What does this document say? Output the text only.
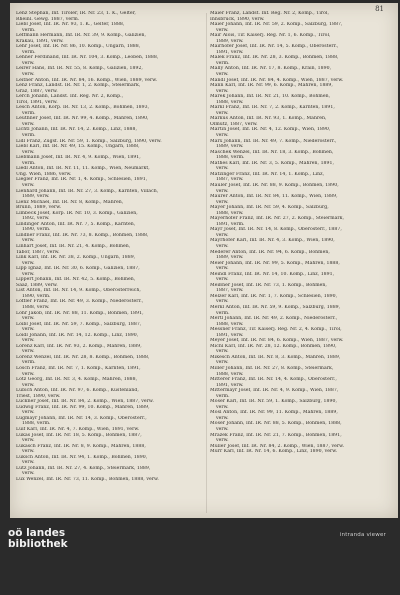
81
Lenz Stephan, Inf. Tiroler, IR. Nr. 23, 1. K., Gelter,
Rheinl. Gewg. 1887, verm.
Liebl Josef, Inf. IR. Nr. 93, 1. K., Gelter, 1888,
verm.
Leffmann Hermann, Inf. IR. Nr. 39, 9. Komp., Galizien,
Krakau, 1891, verw.
Lehr Josef, Inf. IR. Nr. 86, 10. Komp., Ungarn, 1888,
verm.
Lehner Ferdinand, Inf. IR. Nr. 104, 3. Komp., Leoben, 1888,
verw.
Leirer Hans, Inf. IR. Nr. 55, 8. Komp., Galizien, 1892,
verw.
Leitner Anton, Inf. IR. Nr. 84, 16. Komp., Wien, 1889, verw.
Lenz Franz, Landst. IR. Nr. 1, 2. Komp., Steiermark,
Graz, 1887, verw.
Lerch Johann, Landst. Inf. Reg. Nr. 2, Komp.,
Tirol, 1891, verw.
Lesch Anton, Korp. IR. Nr. 13, 2. Komp., Böhmen, 1893,
verm.
Leuthner Josef, Inf. IR. Nr. 99, 4. Komp., Mähren, 1890,
verw.
Lichtl Johann, Inf. IR. Nr. 14, 2. Komp., Linz, 1888,
verm.
Lidl Franz, Zugsf. IR. Nr. 59, 1. Komp., Salzburg, 1890, verw.
Liebl Karl, Inf. IR. Nr. 49, 15. Komp., Ungarn, 1888,
verw.
Liebmann Josef, Inf. IR. Nr. 4, 9. Komp., Wien, 1891,
verm.
Liedl Anton, Inf. IR. Nr. 11, 11. Komp., Wien, Neumarkt,
Ung. Wien, 1886, verw.
Liegler Franz, Inf. IR. Nr. 1, 4. Komp., Schlesien, 1891,
verw.
Lienhard Johann, Inf. IR. Nr. 27, 3. Komp., Kärnten, Villach,
1889, verw.
Lienz Michael, Inf. IR. Nr. 8, Komp., Mähren,
Brünn, 1889, verw.
Limbeck Josef, Korp. IR. Nr. 10, 3. Komp., Galizien,
1892, verw.
Lindinger Anton, Inf. IR. Nr. 7, 5. Komp., Kärnten,
1890, verm.
Lindner Franz, Inf. IR. Nr. 73, 8. Komp., Böhmen, 1888,
verw.
Linhart Josef, Inf. IR. Nr. 21, 4. Komp., Böhmen,
Tabor, 1887, verw.
Link Karl, Inf. IR. Nr. 38, 2. Komp., Ungarn, 1889,
verw.
Lipp Ignaz, Inf. IR. Nr. 30, 6. Komp., Galizien, 1887,
verw.
Lippert Johann, Inf. IR. Nr. 42, 5. Komp., Böhmen,
Saaz, 1889, verw.
List Anton, Inf. IR. Nr. 14, 9. Komp., Oberösterreich,
1890, verm.
Löffler Franz, Inf. IR. Nr. 49, 3. Komp., Niederösterr.,
1888, verw.
Lohr Jakob, Inf. IR. Nr. 88, 11. Komp., Böhmen, 1891,
verw.
Loibl Josef, Inf. IR. Nr. 59, 7. Komp., Salzburg, 1887,
verw.
Loidl Johann, Inf. IR. Nr. 14, 12. Komp., Linz, 1890,
verw.
Lorenz Karl, Inf. IR. Nr. 93, 2. Komp., Mähren, 1889,
verw.
Lorenz Wenzel, Inf. IR. Nr. 28, 8. Komp., Böhmen, 1888,
verm.
Lösch Franz, Inf. IR. Nr. 7, 1. Komp., Kärnten, 1891,
verw.
Lotz Georg, Inf. IR. Nr. 3, 4. Komp., Mähren, 1888,
verw.
Lubich Anton, Inf. IR. Nr. 97, 6. Komp., Küstenland,
Triest, 1890, verw.
Luckner Josef, Inf. IR. Nr. 84, 2. Komp., Wien, 1887, verw.
Ludwig Franz, Inf. IR. Nr. 99, 10. Komp., Mähren, 1889,
verw.
Lugmayr Johann, Inf. IR. Nr. 14, 3. Komp., Oberösterr.,
1888, verm.
Luif Karl, Inf. IR. Nr. 4, 7. Komp., Wien, 1891, verw.
Lukas Josef, Inf. IR. Nr. 18, 5. Komp., Böhmen, 1887,
verw.
Lukasch Franz, Inf. IR. Nr. 8, 9. Komp., Mähren, 1888,
verw.
Luksch Anton, Inf. IR. Nr. 94, 1. Komp., Böhmen, 1890,
verw.
Lutz Johann, Inf. IR. Nr. 27, 4. Komp., Steiermark, 1889,
verw.
Lux Wenzel, Inf. IR. Nr. 73, 11. Komp., Böhmen, 1888, verw.
Maier Franz, Landst. Inf. Reg. Nr. 2, Komp., Tirol,
Innsbruck, 1890, verw.
Maier Johann, Inf. IR. Nr. 59, 2. Komp., Salzburg, 1887,
verw.
Mair Alois, Tir. Kaiserj. Reg. Nr. 1, 6. Komp., Tirol,
1889, verw.
Mairhofer Josef, Inf. IR. Nr. 14, 5. Komp., Oberösterr.,
1891, verw.
Malek Franz, Inf. IR. Nr. 28, 3. Komp., Böhmen, 1888,
verm.
Mally Anton, Inf. IR. Nr. 17, 8. Komp., Krain, 1890,
verw.
Mandl Josef, Inf. IR. Nr. 84, 4. Komp., Wien, 1887, verw.
Mann Karl, Inf. IR. Nr. 99, 6. Komp., Mähren, 1889,
verw.
Marek Johann, Inf. IR. Nr. 21, 10. Komp., Böhmen,
1888, verw.
Markl Franz, Inf. IR. Nr. 7, 2. Komp., Kärnten, 1891,
verw.
Markus Anton, Inf. IR. Nr. 93, 1. Komp., Mähren,
Olmütz, 1887, verw.
Martin Josef, Inf. IR. Nr. 4, 12. Komp., Wien, 1890,
verw.
Marx Johann, Inf. IR. Nr. 49, 7. Komp., Niederösterr.,
1889, verw.
Maschek Wenzel, Inf. IR. Nr. 18, 3. Komp., Böhmen,
1888, verm.
Mathes Karl, Inf. IR. Nr. 3, 5. Komp., Mähren, 1891,
verw.
Matzinger Franz, Inf. IR. Nr. 14, 1. Komp., Linz,
1887, verw.
Mauler Josef, Inf. IR. Nr. 88, 9. Komp., Böhmen, 1890,
verw.
Maurer Anton, Inf. IR. Nr. 84, 11. Komp., Wien, 1889,
verw.
Mayer Johann, Inf. IR. Nr. 59, 4. Komp., Salzburg,
1888, verw.
Mayerhofer Franz, Inf. IR. Nr. 27, 2. Komp., Steiermark,
1891, verm.
Mayr Josef, Inf. IR. Nr. 14, 8. Komp., Oberösterr., 1887,
verw.
Mayrhofer Karl, Inf. IR. Nr. 4, 3. Komp., Wien, 1890,
verw.
Mederer Anton, Inf. IR. Nr. 94, 6. Komp., Böhmen,
1889, verw.
Meier Johann, Inf. IR. Nr. 99, 5. Komp., Mähren, 1888,
verw.
Meindl Franz, Inf. IR. Nr. 14, 10. Komp., Linz, 1891,
verw.
Meißner Josef, Inf. IR. Nr. 73, 1. Komp., Böhmen,
1887, verw.
Melzer Karl, Inf. IR. Nr. 1, 7. Komp., Schlesien, 1890,
verw.
Merkl Anton, Inf. IR. Nr. 59, 9. Komp., Salzburg, 1889,
verm.
Mertl Johann, Inf. IR. Nr. 49, 2. Komp., Niederösterr.,
1888, verw.
Messner Franz, Tir. Kaiserj. Reg. Nr. 2, 4. Komp., Tirol,
1891, verw.
Meyer Josef, Inf. IR. Nr. 84, 6. Komp., Wien, 1887, verw.
Michl Karl, Inf. IR. Nr. 28, 12. Komp., Böhmen, 1890,
verw.
Mikesch Anton, Inf. IR. Nr. 8, 3. Komp., Mähren, 1889,
verw.
Miller Johann, Inf. IR. Nr. 27, 8. Komp., Steiermark,
1888, verw.
Mitterer Franz, Inf. IR. Nr. 14, 4. Komp., Oberösterr.,
1891, verw.
Mittermayr Josef, Inf. IR. Nr. 4, 9. Komp., Wien, 1887,
verm.
Moser Karl, Inf. IR. Nr. 59, 1. Komp., Salzburg, 1890,
verw.
Mösl Anton, Inf. IR. Nr. 99, 11. Komp., Mähren, 1889,
verw.
Moser Johann, Inf. IR. Nr. 88, 5. Komp., Böhmen, 1888,
verw.
Mrazek Franz, Inf. IR. Nr. 21, 7. Komp., Böhmen, 1891,
verw.
Müller Josef, Inf. IR. Nr. 84, 2. Komp., Wien, 1887, verw.
Murr Karl, Inf. IR. Nr. 14, 6. Komp., Linz, 1890, verw.
oö landes
bibliothek
intranda viewer
